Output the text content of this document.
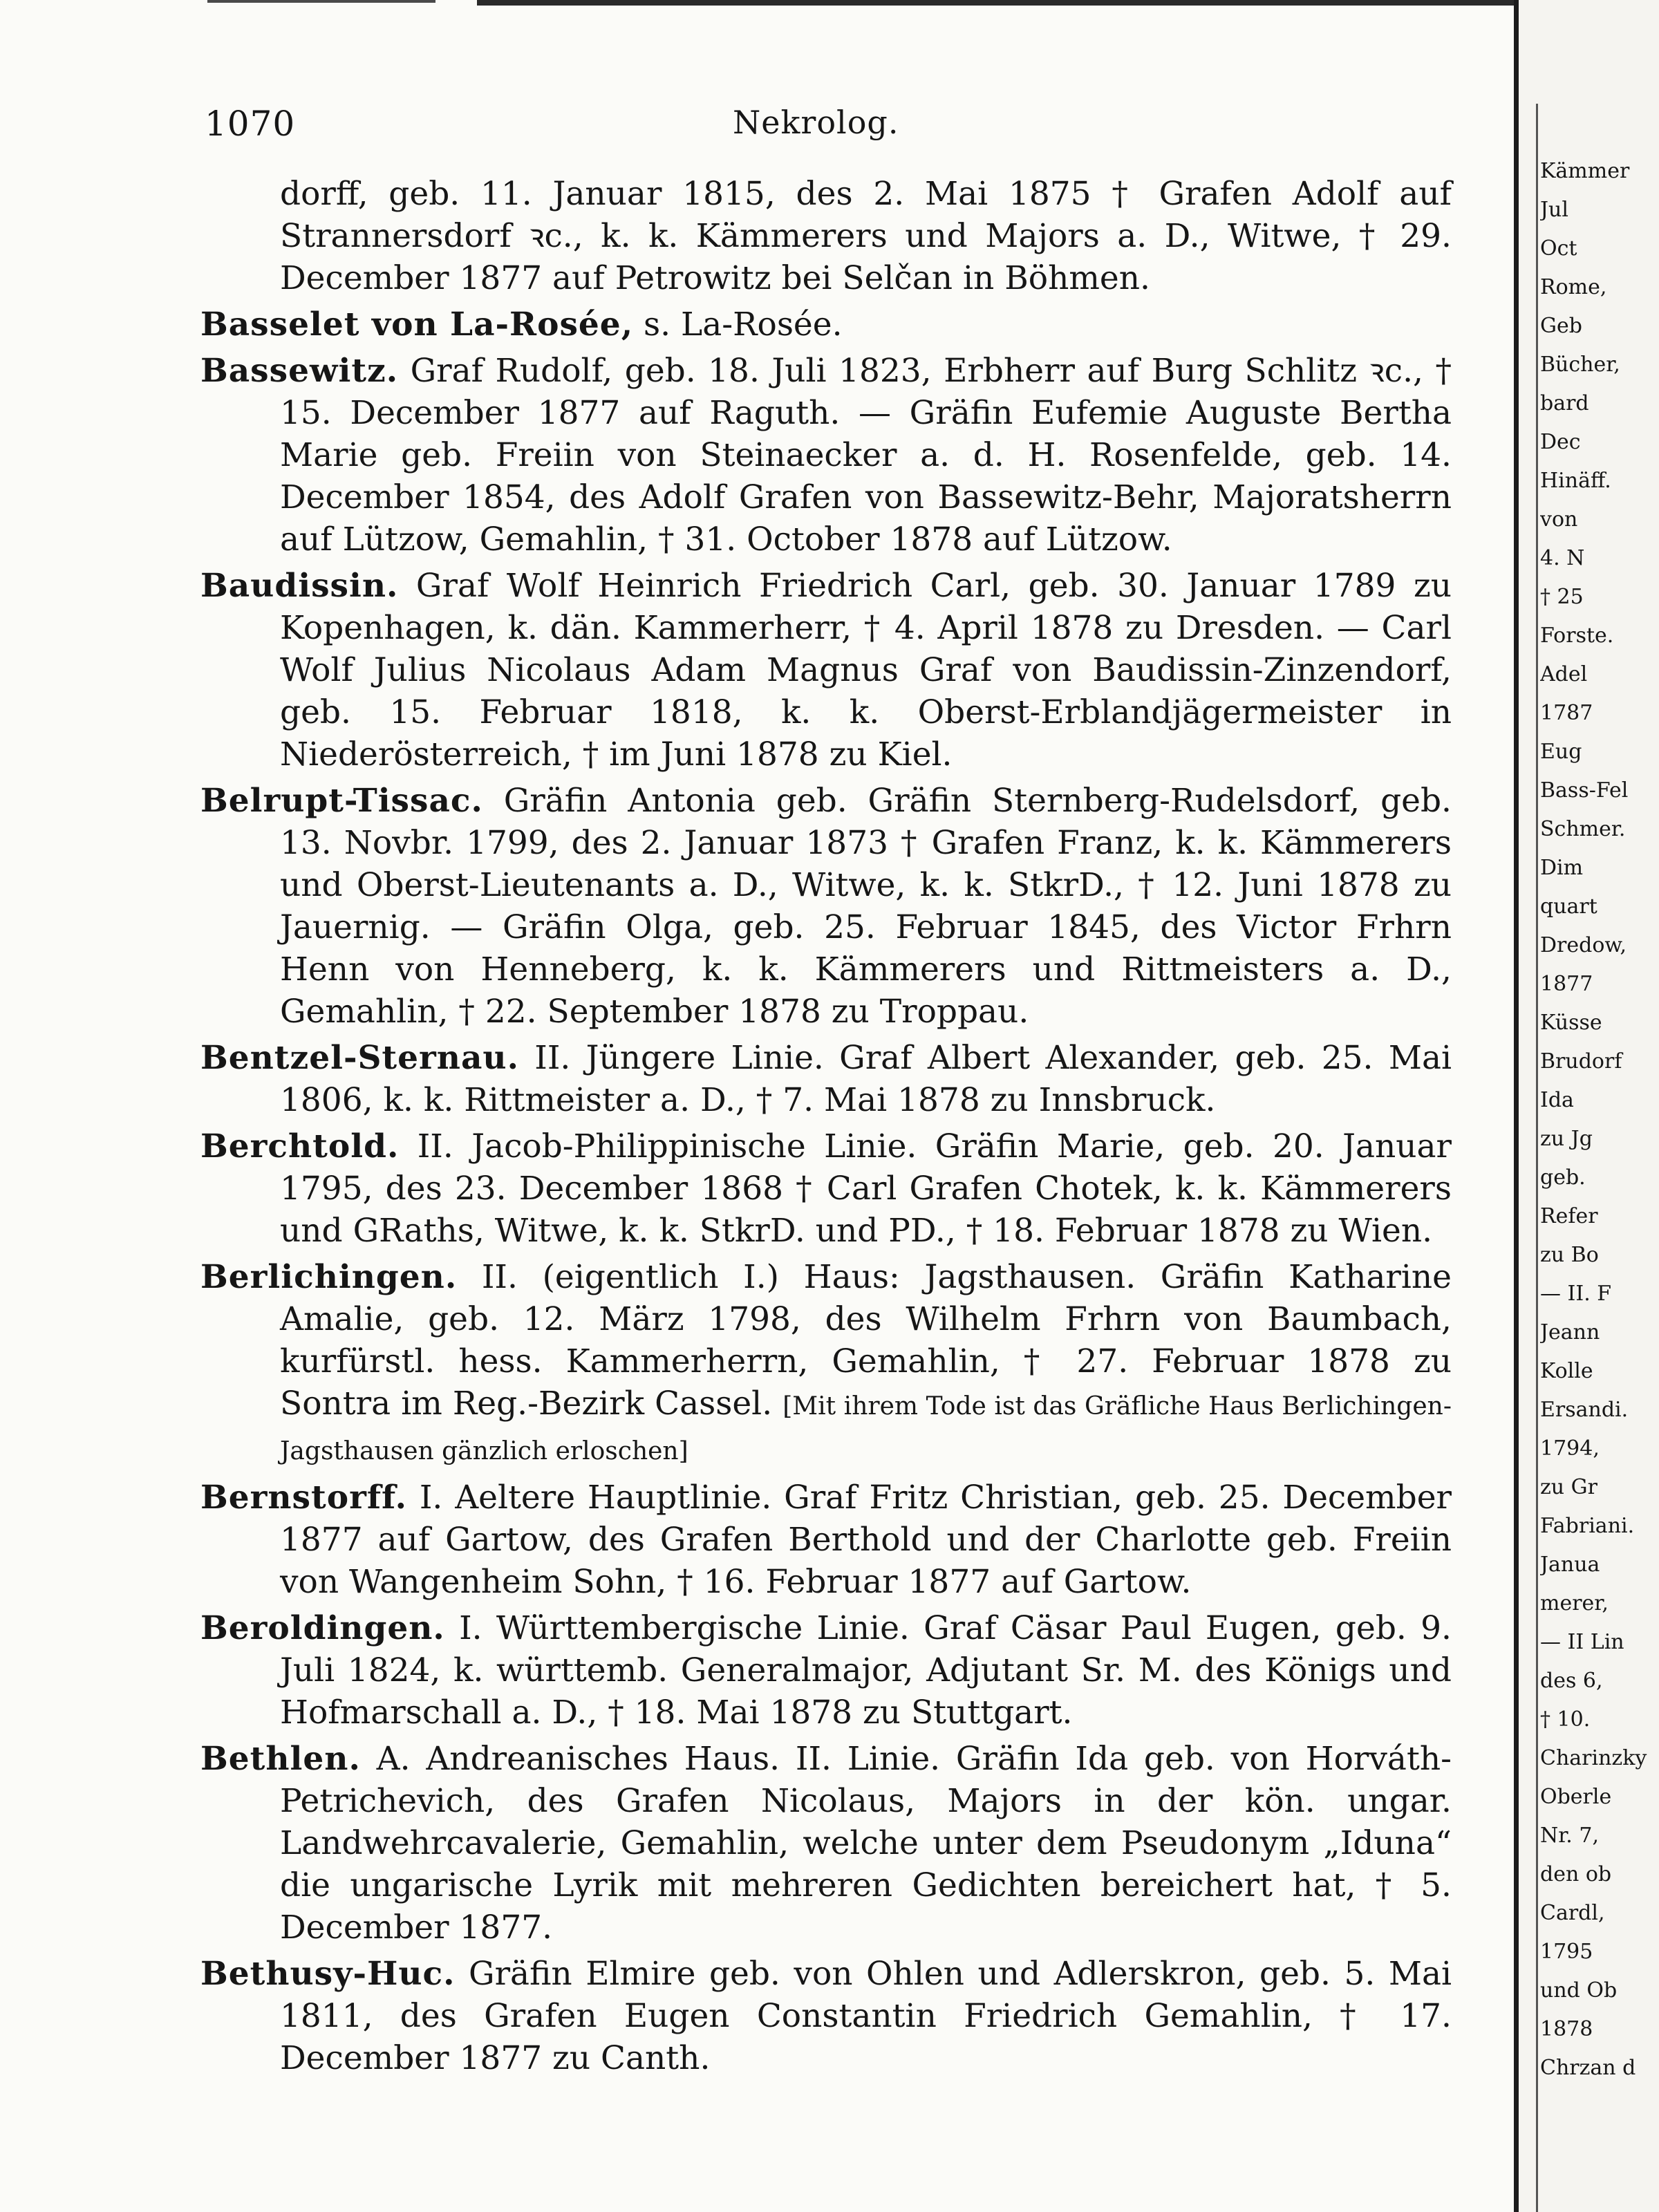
1070	Nekrolog.

dorff, geb. 11. Januar 1815, des 2. Mai 1875 † Grafen Adolf auf Strannersdorf ꝛc., k. k. Kämmerers und Majors a. D., Witwe, † 29. December 1877 auf Petrowitz bei Selčan in Böhmen.

Basselet von La-Rosée, s. La-Rosée.

Bassewitz. Graf Rudolf, geb. 18. Juli 1823, Erbherr auf Burg Schlitz ꝛc., † 15. December 1877 auf Raguth. — Gräfin Eufemie Auguste Bertha Marie geb. Freiin von Steinaecker a. d. H. Rosenfelde, geb. 14. December 1854, des Adolf Grafen von Bassewitz-Behr, Majoratsherrn auf Lützow, Gemahlin, † 31. October 1878 auf Lützow.

Baudissin. Graf Wolf Heinrich Friedrich Carl, geb. 30. Januar 1789 zu Kopenhagen, k. dän. Kammerherr, † 4. April 1878 zu Dresden. — Carl Wolf Julius Nicolaus Adam Magnus Graf von Baudissin-Zinzendorf, geb. 15. Februar 1818, k. k. Oberst-Erblandjägermeister in Niederösterreich, † im Juni 1878 zu Kiel.

Belrupt-Tissac. Gräfin Antonia geb. Gräfin Sternberg-Rudelsdorf, geb. 13. Novbr. 1799, des 2. Januar 1873 † Grafen Franz, k. k. Kämmerers und Oberst-Lieutenants a. D., Witwe, k. k. StkrD., † 12. Juni 1878 zu Jauernig. — Gräfin Olga, geb. 25. Februar 1845, des Victor Frhrn Henn von Henneberg, k. k. Kämmerers und Rittmeisters a. D., Gemahlin, † 22. September 1878 zu Troppau.

Bentzel-Sternau. II. Jüngere Linie. Graf Albert Alexander, geb. 25. Mai 1806, k. k. Rittmeister a. D., † 7. Mai 1878 zu Innsbruck.

Berchtold. II. Jacob-Philippinische Linie. Gräfin Marie, geb. 20. Januar 1795, des 23. December 1868 † Carl Grafen Chotek, k. k. Kämmerers und GRaths, Witwe, k. k. StkrD. und PD., † 18. Februar 1878 zu Wien.

Berlichingen. II. (eigentlich I.) Haus: Jagsthausen. Gräfin Katharine Amalie, geb. 12. März 1798, des Wilhelm Frhrn von Baumbach, kurfürstl. hess. Kammerherrn, Gemahlin, † 27. Februar 1878 zu Sontra im Reg.-Bezirk Cassel. [Mit ihrem Tode ist das Gräfliche Haus Berlichingen-Jagsthausen gänzlich erloschen]

Bernstorff. I. Aeltere Hauptlinie. Graf Fritz Christian, geb. 25. December 1877 auf Gartow, des Grafen Berthold und der Charlotte geb. Freiin von Wangenheim Sohn, † 16. Februar 1877 auf Gartow.

Beroldingen. I. Württembergische Linie. Graf Cäsar Paul Eugen, geb. 9. Juli 1824, k. württemb. Generalmajor, Adjutant Sr. M. des Königs und Hofmarschall a. D., † 18. Mai 1878 zu Stuttgart.

Bethlen. A. Andreanisches Haus. II. Linie. Gräfin Ida geb. von Horváth-Petrichevich, des Grafen Nicolaus, Majors in der kön. ungar. Landwehrcavalerie, Gemahlin, welche unter dem Pseudonym „Iduna“ die ungarische Lyrik mit mehreren Gedichten bereichert hat, † 5. December 1877.

Bethusy-Huc. Gräfin Elmire geb. von Ohlen und Adlerskron, geb. 5. Mai 1811, des Grafen Eugen Constantin Friedrich Gemahlin, † 17. December 1877 zu Canth.

Kämmer
Jul
Oct
Rome,
Geb
Bücher,
bard
Dec
Hinäff.
von
4. N
† 25
Forste.
Adel
1787
Eug
Bass-Fel
Schmer.
Dim
quart
Dredow,
1877
Küsse
Brudorf
Ida
zu Jg
geb.
Refer
zu Bo
— II. F
Jeann
Kolle
Ersandi.
1794,
zu Gr
Fabriani.
Janua
merer,
— II Lin
des 6,
† 10.
Charinzky
Oberle
Nr. 7,
den ob
Cardl,
1795
und Ob
1878
Chrzan d
